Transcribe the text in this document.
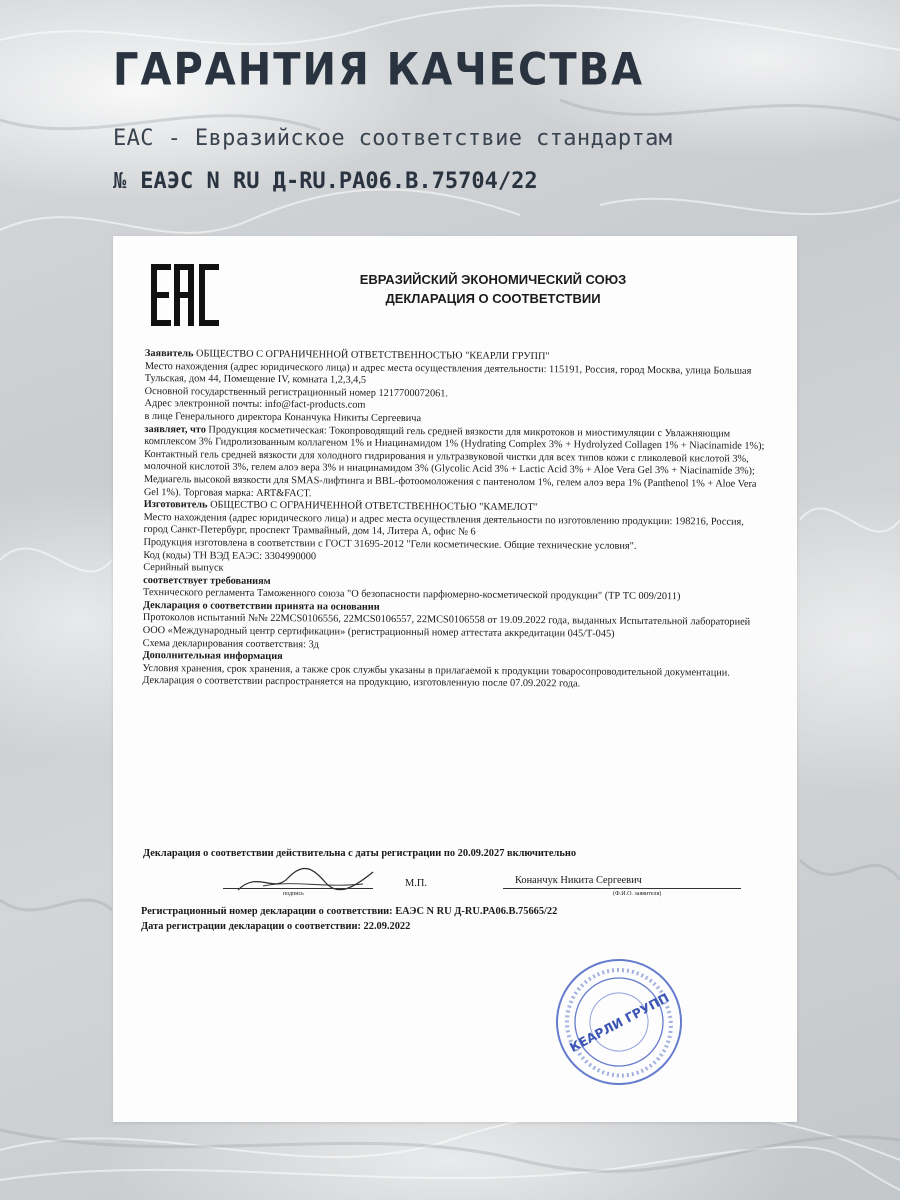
ГАРАНТИЯ КАЧЕСТВА
ЕАС - Евразийское соответствие стандартам
№ ЕАЭС N RU Д-RU.PA06.B.75704/22
ЕВРАЗИЙСКИЙ ЭКОНОМИЧЕСКИЙ СОЮЗ
ДЕКЛАРАЦИЯ О СООТВЕТСТВИИ

Заявитель ОБЩЕСТВО С ОГРАНИЧЕННОЙ ОТВЕТСТВЕННОСТЬЮ "КЕАРЛИ ГРУПП"

Место нахождения (адрес юридического лица) и адрес места осуществления деятельности: 115191, Россия, город Москва, улица Большая Тульская, дом 44, Помещение IV, комната 1,2,3,4,5

Основной государственный регистрационный номер 1217700072061.

Адрес электронной почты: info@fact-products.com

в лице Генерального директора Конанчука Никиты Сергеевича

заявляет, что Продукция косметическая: Токопроводящий гель средней вязкости для микротоков и миостимуляции с Увлажняющим комплексом 3% Гидролизованным коллагеном 1% и Ниацинамидом 1% (Hydrating Complex 3% + Hydrolyzed Collagen 1% + Niacinamide 1%); Контактный гель средней вязкости для холодного гидрирования и ультразвуковой чистки для всех типов кожи с гликолевой кислотой 3%, молочной кислотой 3%, гелем алоэ вера 3% и ниацинамидом 3% (Glycolic Acid 3% + Lactic Acid 3% + Aloe Vera Gel 3% + Niacinamide 3%); Медиагель высокой вязкости для SMAS-лифтинга и BBL-фотоомоложения с пантенолом 1%, гелем алоэ вера 1% (Panthenol 1% + Aloe Vera Gel 1%). Торговая марка: ART&FACT.

Изготовитель ОБЩЕСТВО С ОГРАНИЧЕННОЙ ОТВЕТСТВЕННОСТЬЮ "КАМЕЛОТ"

Место нахождения (адрес юридического лица) и адрес места осуществления деятельности по изготовлению продукции: 198216, Россия, город Санкт-Петербург, проспект Трамвайный, дом 14, Литера А, офис № 6

Продукция изготовлена в соответствии с ГОСТ 31695-2012 "Гели косметические. Общие технические условия".

Код (коды) ТН ВЭД ЕАЭС: 3304990000

Серийный выпуск

соответствует требованиям

Технического регламента Таможенного союза "О безопасности парфюмерно-косметической продукции" (ТР ТС 009/2011)

Декларация о соответствии принята на основании

Протоколов испытаний №№ 22MCS0106556, 22MCS0106557, 22MCS0106558 от 19.09.2022 года, выданных Испытательной лабораторией ООО «Международный центр сертификации» (регистрационный номер аттестата аккредитации 045/Т-045)

Схема декларирования соответствия: 3д

Дополнительная информация

Условия хранения, срок хранения, а также срок службы указаны в прилагаемой к продукции товаросопроводительной документации. Декларация о соответствии распространяется на продукцию, изготовленную после 07.09.2022 года.

Декларация о соответствии действительна с даты регистрации по 20.09.2027 включительно
подпись
М.П.	Конанчук Никита Сергеевич
(Ф.И.О. заявителя)
Регистрационный номер декларации о соответствии: ЕАЭС N RU Д-RU.PA06.B.75665/22
Дата регистрации декларации о соответствии: 22.09.2022
КЕАРЛИ ГРУПП
